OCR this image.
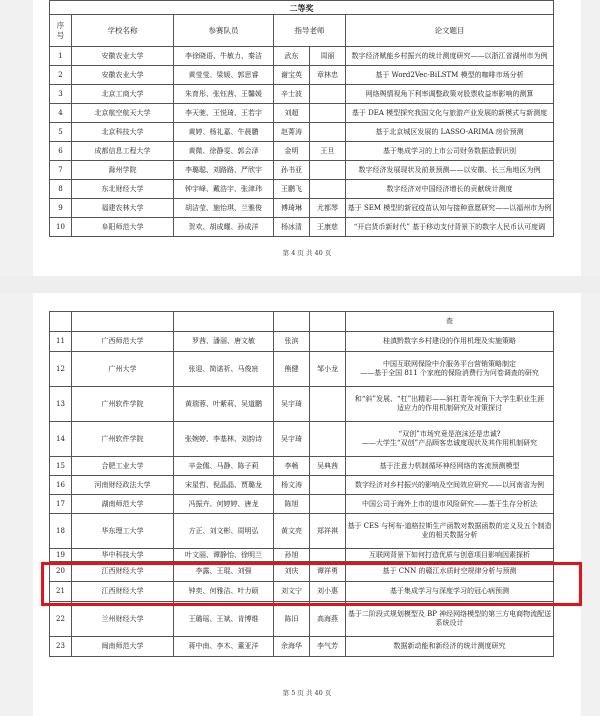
二等奖					
序
号	学校名称	参赛队员	指导老师		论文题目
1	安徽农业大学	李徐晓语、牛敏力、秦洁	武东	周丽	数字经济赋能乡村振兴的统计测度研究——以浙江省湖州市为例
2	安徽农业大学	黄莹莹、梁媛、郭思睿	谢宝英	章林忠	基于 Word2Vec-BiLSTM 模型的咖啡市场分析
3	北京工商大学	朱育彤、张钰茜、王馨媛	辛士波		网络舆情视角下利率调整政策对股票收益率影响的测算
4	北京航空航天大学	李天驰、王悦琦、王若宇	刘超		基于 DEA 模型探究我国文化与旅游产业发展的新模式与新测度
5	北京科技大学	黄婷、杨礼嘉、牛晨鹏	赵菁涛		基于北京城区发展的 LASSO-ARIMA 房价预测
6	成都信息工程大学	黄微、徐静雯、郭会泽	金明	王旦	基于集成学习的上市公司财务数据造假识别
7	滁州学院	李璐聪、刘路路、严欣宇	孙书亚		数字经济发展现状及前景预测——以安徽、长三角地区为例
8	东北财经大学	钟宇峰、戴浩宇、张津玮	王鹏飞		数字经济对中国经济增长的贡献统计测度
9	福建农林大学	胡洁莹、施怡琪、兰雅俊	傅琦琳	尤都琴	基于 SEM 模型的新冠疫苗认知与接种意愿研究——以福州市为例
10	阜阳师范大学	贺欢、胡成耀、孙成洋	杨冰清	王康慈	“开启货币新时代” 基于移动支付背景下的数字人民币认可度调
第 4 页 共 40 页
					查
11	广西师范大学	罗茜、潘丽、唐文敏	张滨		桂滇黔数字乡村建设的作用机理及实施策略
12	广州大学	张迎、简诺祈、马俊宸	熊健	邹小龙	中国互联网保险中介服务平台营销策略制定
——基于全国 811 个家庭的保险消费行为问卷调查的研究
13	广州软件学院	黄瑞蓉、叶紫莉、吴道鹏	吴宇琦		和“斜”发展、“杠”出精彩——斜杠青年视角下大学生职业生涯
适应力的作用机制研究及对策探讨
14	广州软件学院	张婉婷、李基林、刘韵诗	吴宇琦		“双创”市场究竟是泡沫还是忠诚?
——大学生“双创”产品顾客忠诚度现状及其作用机制研究
15	合肥工业大学	辛金儒、马静、陈子莉	李畅	吴典茜	基于注意力机制循环神经网络的客流预测模型
16	河南财经政法大学	宋星哲、倪晶晶、贾璐龙	杨文涛		数字经济对乡村振兴的影响及空间效应研究——以河南省为例
17	湖南师范大学	冯振卉、何婷婷、唐龙	陈旭		中国公司于海外上市的退市风险研究——基于生存分析法
18	华东理工大学	方正、刘文彬、周明弘	黄文亮	郑祥祺	基于 CES 与柯布-道格拉斯生产函数对数据函数的定义及五个制造
业的相关数据分析
19	华中科技大学	叶文丽、谭静怡、徐明兰	孙旭		互联网背景下如何打造优质与创意项目影响因素探析
20	江西财经大学	李露、王琨、刘强	刘庆	谭祥勇	基于 CNN 的赣江水质时空规律分析与预测
21	江西财经大学	钟奕、何雅洁、叶力硕	刘文宁	刘小惠	基于集成学习与深度学习的冠心病预测
22	兰州财经大学	王璐瑶、王斌、肯博维	陈旧	高海燕	基于二阶段式规划模型及 BP 神经网络模型的第三方电商物流配送
系统设计
23	闽南师范大学	蒋中南、李木、董亚洋	余海华	李气芳	数据新动能和新经济的统计测度研究
第 5 页 共 40 页
